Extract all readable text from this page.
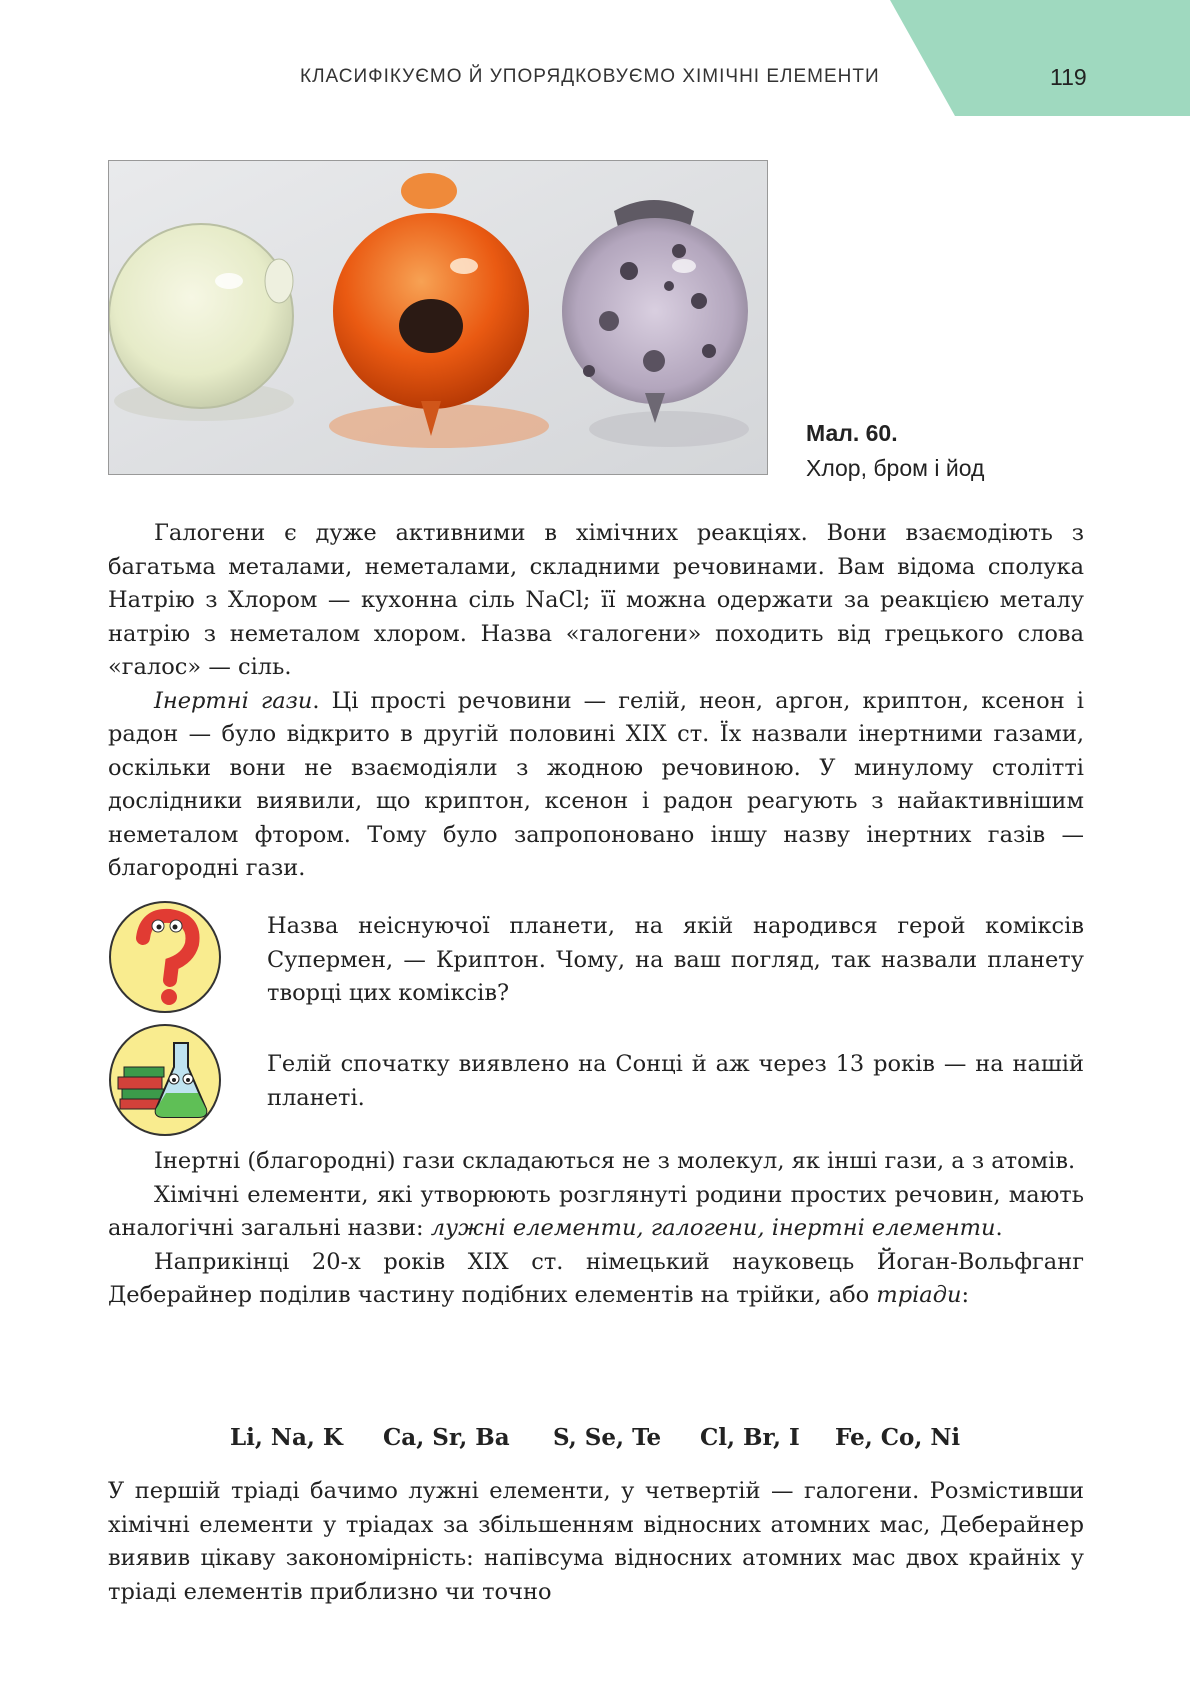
КЛАСИФІКУЄМО Й УПОРЯДКОВУЄМО ХІМІЧНІ ЕЛЕМЕНТИ	119
Мал. 60.
Хлор, бром і йод

Галогени є дуже активними в хімічних реакціях. Вони взаємодіють з багатьма металами, неметалами, складними речовинами. Вам відома сполука Натрію з Хлором — кухонна сіль NaCl; її можна одержати за реакцією металу натрію з неметалом хлором. Назва «галогени» походить від грецького слова «галос» — сіль.

Інертні гази. Ці прості речовини — гелій, неон, аргон, криптон, ксенон і радон — було відкрито в другій половині XIX ст. Їх назвали інертними газами, оскільки вони не взаємодіяли з жодною речовиною. У минулому столітті дослідники виявили, що криптон, ксенон і радон реагують з найактивнішим неметалом фтором. Тому було запропоновано іншу назву інертних газів — благородні гази.

Назва неіснуючої планети, на якій народився герой коміксів Супермен, — Криптон. Чому, на ваш погляд, так назвали планету творці цих коміксів?
Гелій спочатку виявлено на Сонці й аж через 13 років — на нашій планеті.

Інертні (благородні) гази складаються не з молекул, як інші гази, а з атомів.

Хімічні елементи, які утворюють розглянуті родини простих речовин, мають аналогічні загальні назви: лужні елементи, галогени, інертні елементи.

Наприкінці 20-х років XIX ст. німецький науковець Йоган-Вольфганг Деберайнер поділив частину подібних елементів на трійки, або тріади:

Li, Na, K Ca, Sr, Ba S, Se, Te Cl, Br, I Fe, Co, Ni

У першій тріаді бачимо лужні елементи, у четвертій — галогени. Розмістивши хімічні елементи у тріадах за збільшенням відносних атомних мас, Деберайнер виявив цікаву закономірність: напівсума відносних атомних мас двох крайніх у тріаді елементів приблизно чи точно
